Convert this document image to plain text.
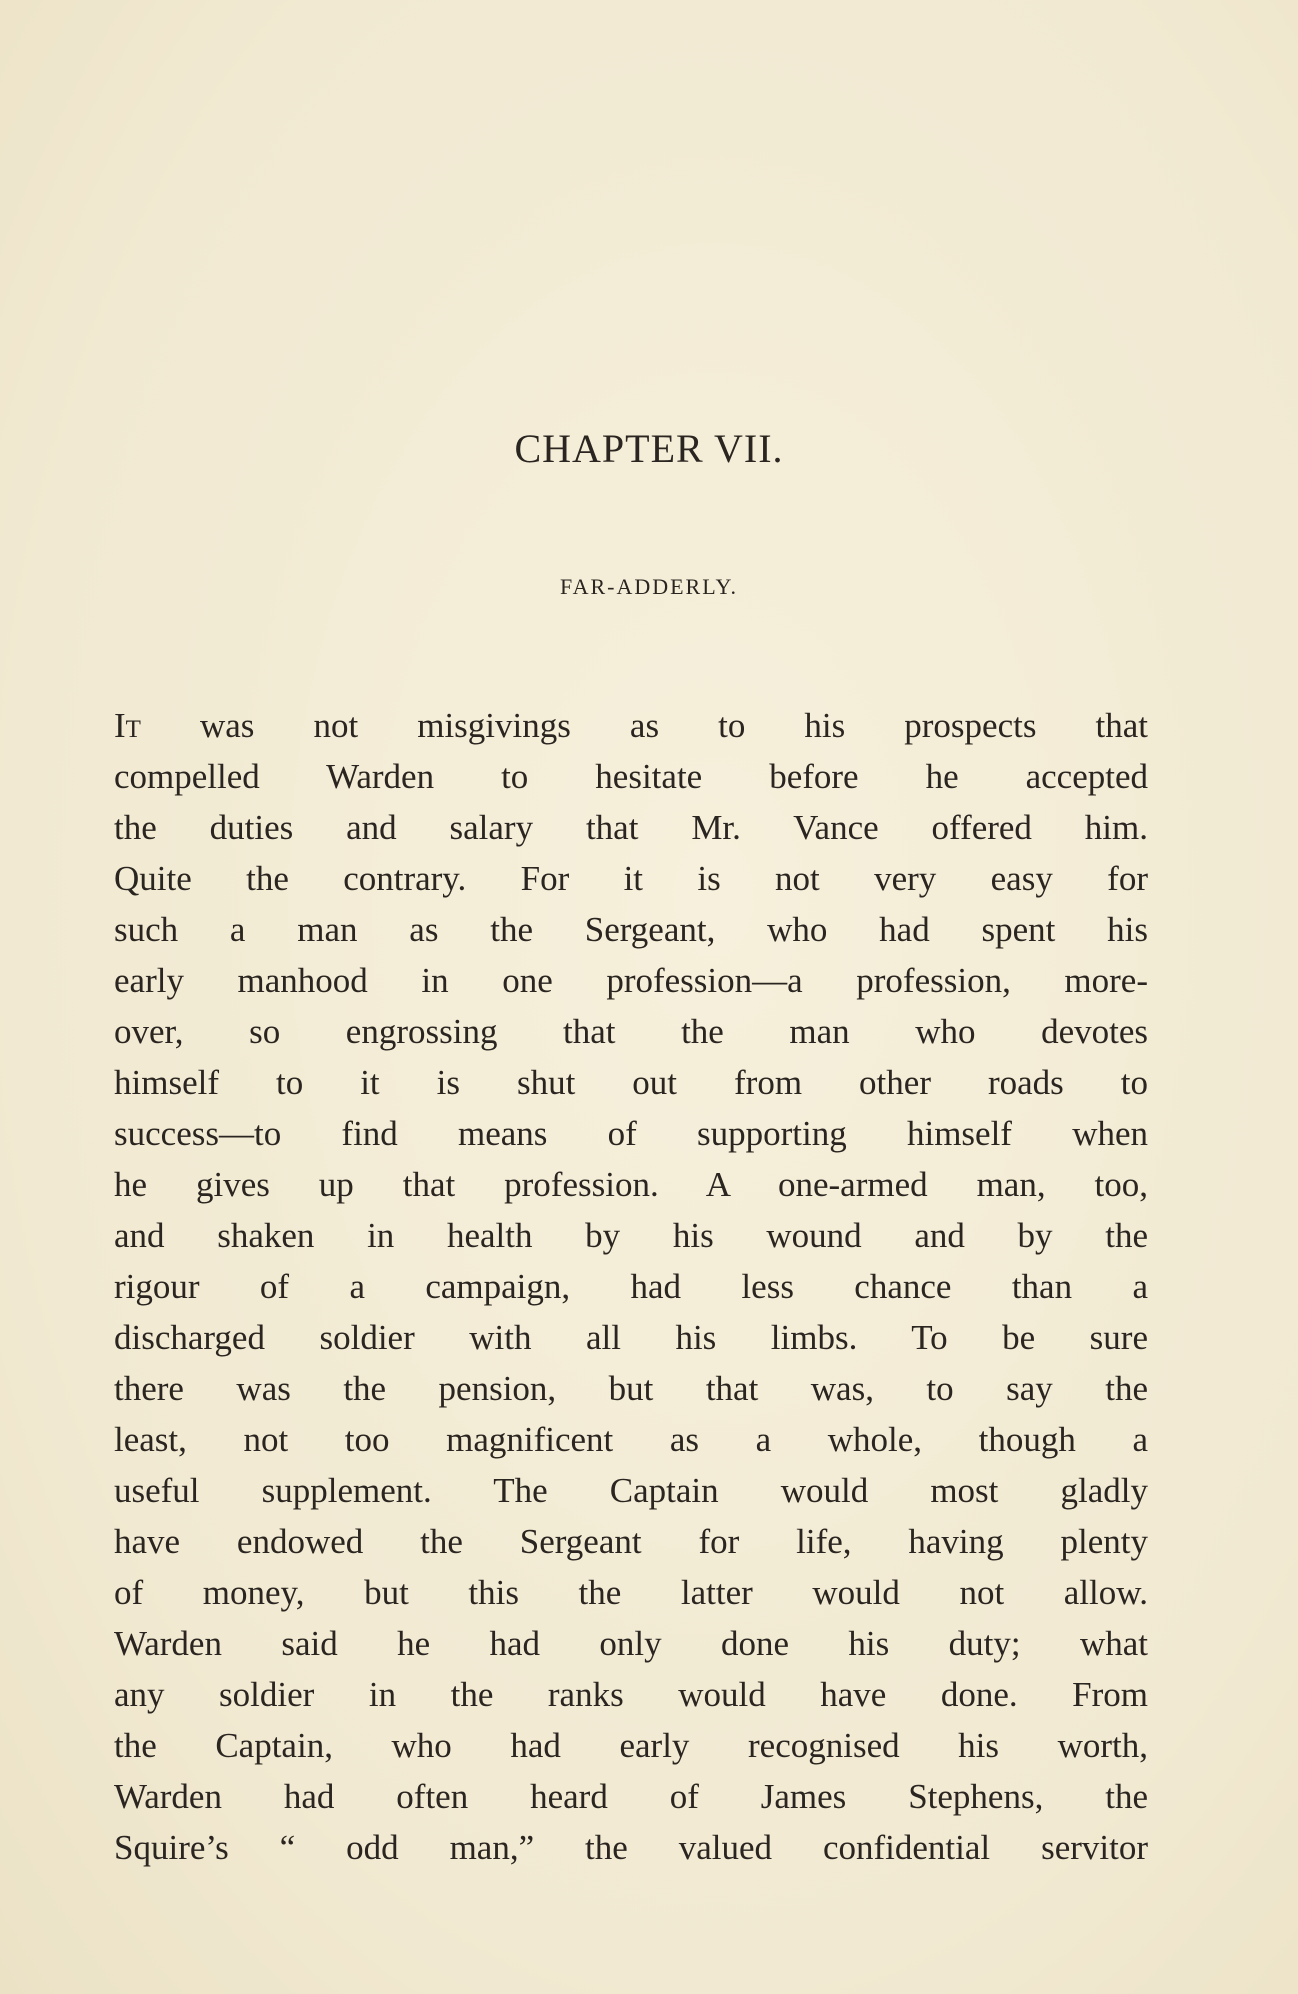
CHAPTER VII.
FAR-ADDERLY.
It was not misgivings as to his prospects that
compelled Warden to hesitate before he accepted
the duties and salary that Mr. Vance offered him.
Quite the contrary. For it is not very easy for
such a man as the Sergeant, who had spent his
early manhood in one profession—a profession, more-
over, so engrossing that the man who devotes
himself to it is shut out from other roads to
success—to find means of supporting himself when
he gives up that profession. A one-armed man, too,
and shaken in health by his wound and by the
rigour of a campaign, had less chance than a
discharged soldier with all his limbs. To be sure
there was the pension, but that was, to say the
least, not too magnificent as a whole, though a
useful supplement. The Captain would most gladly
have endowed the Sergeant for life, having plenty
of money, but this the latter would not allow.
Warden said he had only done his duty; what
any soldier in the ranks would have done. From
the Captain, who had early recognised his worth,
Warden had often heard of James Stephens, the
Squire’s “ odd man,” the valued confidential servitor
